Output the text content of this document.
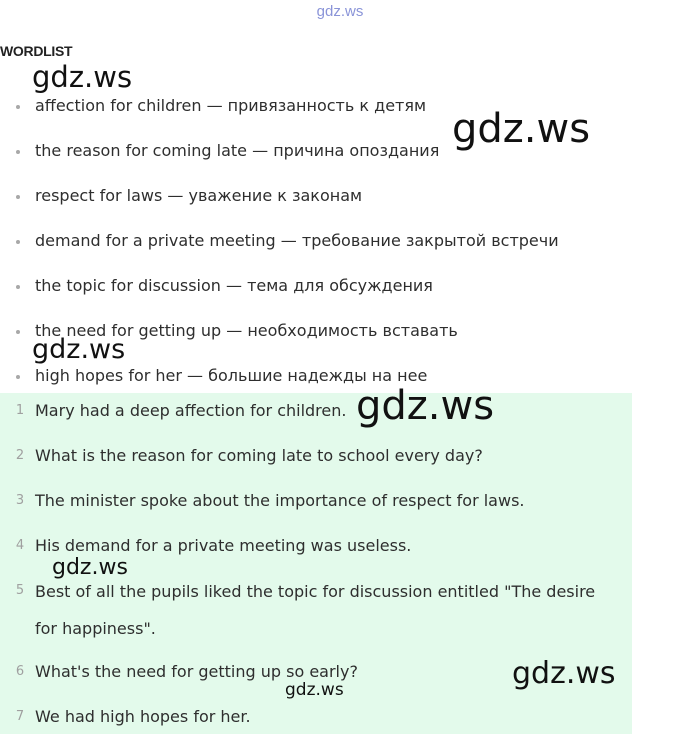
gdz.ws
WORDLIST
affection for children — привязанность к детям
the reason for coming late — причина опоздания
respect for laws — уважение к законам
demand for a private meeting — требование закрытой встречи
the topic for discussion — тема для обсуждения
the need for getting up — необходимость вставать
high hopes for her — большие надежды на нее
1 Mary had a deep affection for children.
2 What is the reason for coming late to school every day?
3 The minister spoke about the importance of respect for laws.
4 His demand for a private meeting was useless.
5 Best of all the pupils liked the topic for discussion entitled "The desire for happiness".
6 What's the need for getting up so early?
7 We had high hopes for her.
gdz.ws
gdz.ws
gdz.ws
gdz.ws
gdz.ws
gdz.ws
gdz.ws
